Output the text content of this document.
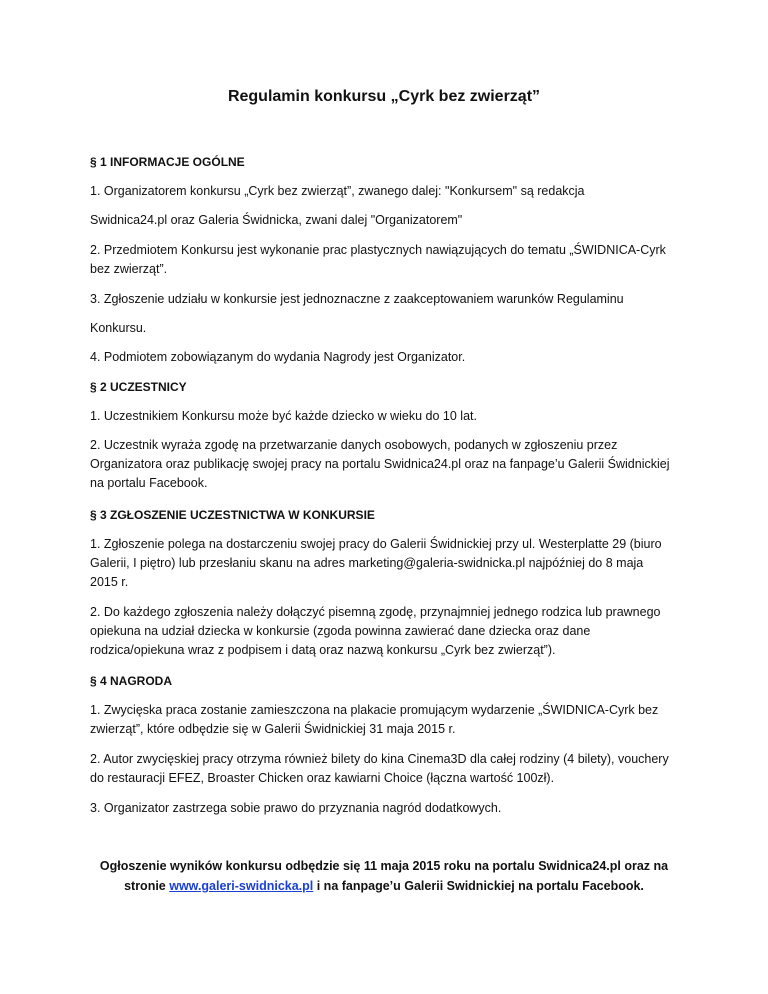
Regulamin konkursu „Cyrk bez zwierząt”
§ 1 INFORMACJE OGÓLNE
1. Organizatorem konkursu „Cyrk bez zwierząt”, zwanego dalej: "Konkursem" są redakcja
Swidnica24.pl oraz Galeria Świdnicka, zwani dalej "Organizatorem"
2. Przedmiotem Konkursu jest wykonanie prac plastycznych nawiązujących do tematu „ŚWIDNICA-Cyrk bez zwierząt”.
3. Zgłoszenie udziału w konkursie jest jednoznaczne z zaakceptowaniem warunków Regulaminu
Konkursu.
4. Podmiotem zobowiązanym do wydania Nagrody jest Organizator.
§ 2 UCZESTNICY
1. Uczestnikiem Konkursu może być każde dziecko w wieku do 10 lat.
2. Uczestnik wyraża zgodę na przetwarzanie danych osobowych, podanych w zgłoszeniu przez Organizatora oraz publikację swojej pracy na portalu Swidnica24.pl oraz na fanpage’u Galerii Świdnickiej na portalu Facebook.
§ 3 ZGŁOSZENIE UCZESTNICTWA W KONKURSIE
1. Zgłoszenie polega na dostarczeniu swojej pracy do Galerii Świdnickiej przy ul. Westerplatte 29 (biuro Galerii, I piętro) lub przesłaniu skanu na adres marketing@galeria-swidnicka.pl najpóźniej do 8 maja 2015 r.
2. Do każdego zgłoszenia należy dołączyć pisemną zgodę, przynajmniej jednego rodzica lub prawnego opiekuna na udział dziecka w konkursie (zgoda powinna zawierać dane dziecka oraz dane rodzica/opiekuna wraz z podpisem i datą oraz nazwą konkursu „Cyrk bez zwierząt”).
§ 4 NAGRODA
1. Zwycięska praca zostanie zamieszczona na plakacie promującym wydarzenie „ŚWIDNICA-Cyrk bez zwierząt”, które odbędzie się w Galerii Świdnickiej 31 maja 2015 r.
2. Autor zwycięskiej pracy otrzyma również bilety do kina Cinema3D dla całej rodziny (4 bilety), vouchery do restauracji EFEZ, Broaster Chicken oraz kawiarni Choice (łączna wartość 100zł).
3. Organizator zastrzega sobie prawo do przyznania nagród dodatkowych.
Ogłoszenie wyników konkursu odbędzie się 11 maja 2015 roku na portalu Swidnica24.pl oraz na
stronie www.galeri-swidnicka.pl i na fanpage’u Galerii Swidnickiej na portalu Facebook.
